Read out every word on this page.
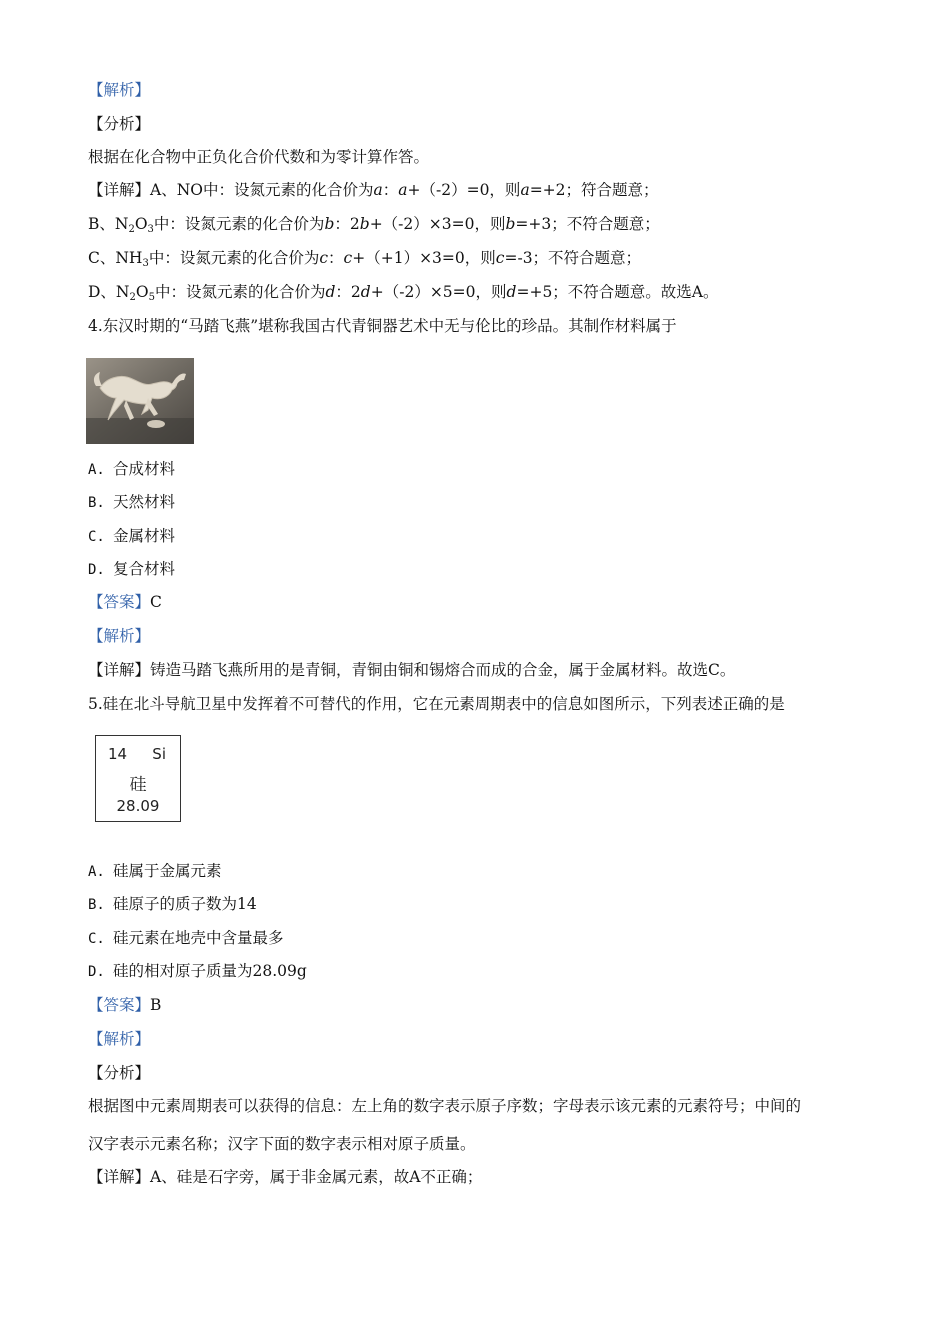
【解析】
【分析】
根据在化合物中正负化合价代数和为零计算作答。
【详解】A、NO中：设氮元素的化合价为a：a+（-2）=0，则a=+2；符合题意；
B、$N_2O_3$中：设氮元素的化合价为b：2b+（-2）×3=0，则b=+3；不符合题意；
C、$NH_3$中：设氮元素的化合价为c：c+（+1）×3=0，则c=-3；不符合题意；
D、$N_2O_5$中：设氮元素的化合价为d：2d+（-2）×5=0，则d=+5；不符合题意。故选A。
4.东汉时期的“马踏飞燕”堪称我国古代青铜器艺术中无与伦比的珍品。其制作材料属于
A. 合成材料
B. 天然材料
C. 金属材料
D. 复合材料
【答案】C
【解析】
【详解】铸造马踏飞燕所用的是青铜，青铜由铜和锡熔合而成的合金，属于金属材料。故选C。
5.硅在北斗导航卫星中发挥着不可替代的作用，它在元素周期表中的信息如图所示，下列表述正确的是
14 Si
硅
28.09
A. 硅属于金属元素
B. 硅原子的质子数为14
C. 硅元素在地壳中含量最多
D. 硅的相对原子质量为28.09g
【答案】B
【解析】
【分析】
根据图中元素周期表可以获得的信息：左上角的数字表示原子序数；字母表示该元素的元素符号；中间的
汉字表示元素名称；汉字下面的数字表示相对原子质量。
【详解】A、硅是石字旁，属于非金属元素，故A不正确；
